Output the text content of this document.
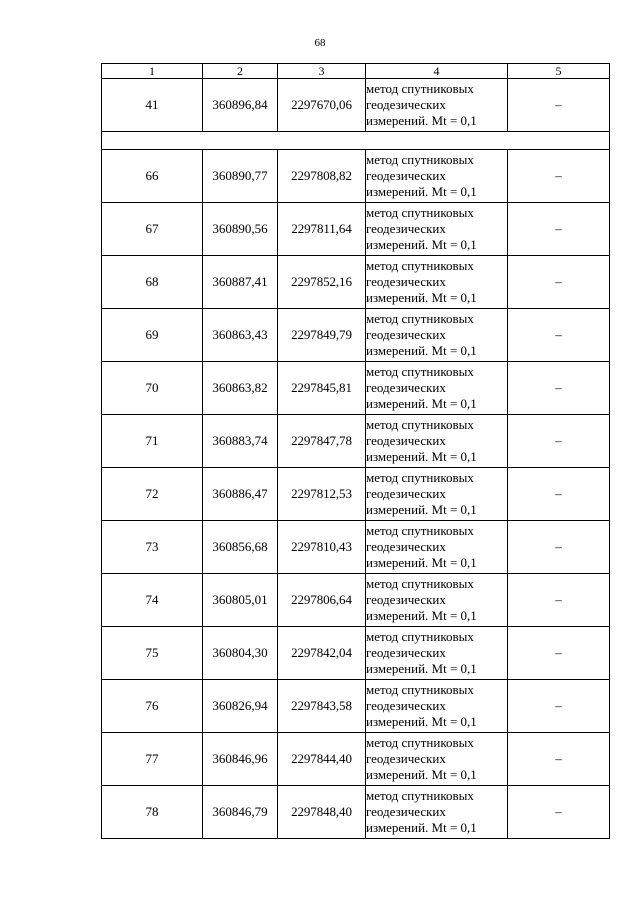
68
1	2	3	4	5
41	360896,84	2297670,06	метод спутниковых
геодезических
измерений. Mt = 0,1	–

66	360890,77	2297808,82	метод спутниковых
геодезических
измерений. Mt = 0,1	–
67	360890,56	2297811,64	метод спутниковых
геодезических
измерений. Mt = 0,1	–
68	360887,41	2297852,16	метод спутниковых
геодезических
измерений. Mt = 0,1	–
69	360863,43	2297849,79	метод спутниковых
геодезических
измерений. Mt = 0,1	–
70	360863,82	2297845,81	метод спутниковых
геодезических
измерений. Mt = 0,1	–
71	360883,74	2297847,78	метод спутниковых
геодезических
измерений. Mt = 0,1	–
72	360886,47	2297812,53	метод спутниковых
геодезических
измерений. Mt = 0,1	–
73	360856,68	2297810,43	метод спутниковых
геодезических
измерений. Mt = 0,1	–
74	360805,01	2297806,64	метод спутниковых
геодезических
измерений. Mt = 0,1	–
75	360804,30	2297842,04	метод спутниковых
геодезических
измерений. Mt = 0,1	–
76	360826,94	2297843,58	метод спутниковых
геодезических
измерений. Mt = 0,1	–
77	360846,96	2297844,40	метод спутниковых
геодезических
измерений. Mt = 0,1	–
78	360846,79	2297848,40	метод спутниковых
геодезических
измерений. Mt = 0,1	–
